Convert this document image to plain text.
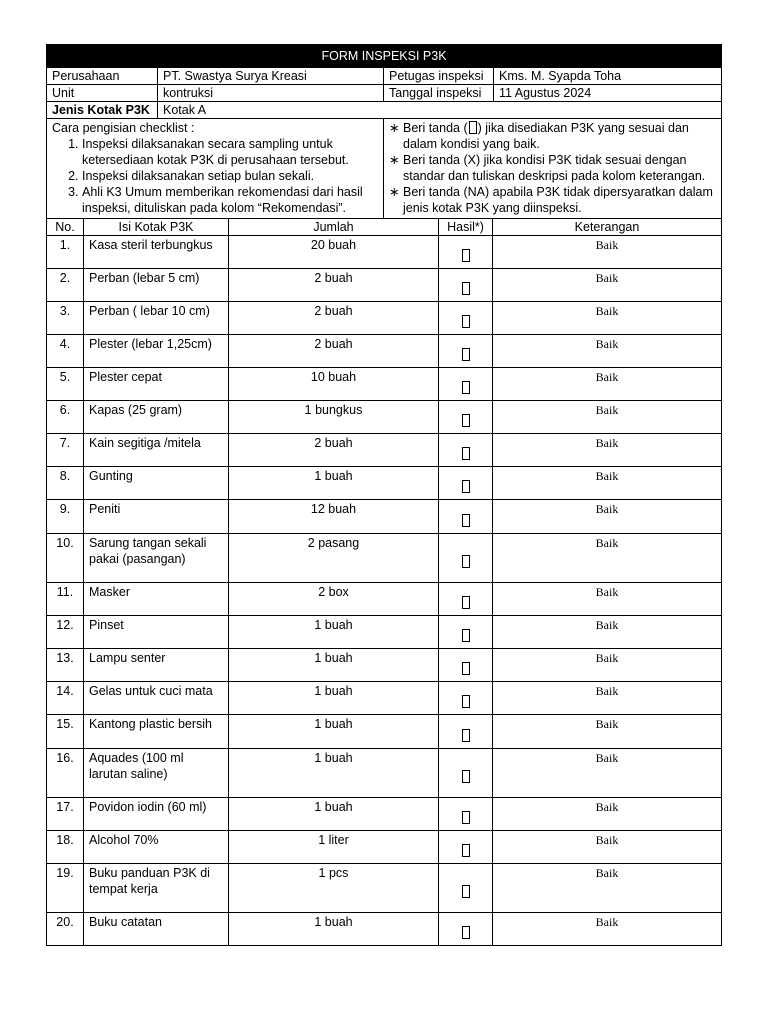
FORM INSPEKSI P3K			
Perusahaan	PT. Swastya Surya Kreasi	Petugas inspeksi	Kms. M. Syapda Toha
Unit	kontruksi	Tanggal inspeksi	11 Agustus 2024
Jenis Kotak P3K	Kotak A		
Cara pengisian checklist :
1. Inspeksi dilaksanakan secara sampling untuk ketersediaan kotak P3K di perusahaan tersebut.
2. Inspeksi dilaksanakan setiap bulan sekali.
3. Ahli K3 Umum memberikan rekomendasi dari hasil inspeksi, dituliskan pada kolom “Rekomendasi”.

∗ Beri tanda ( ) jika disediakan P3K yang sesuai dan dalam kondisi yang baik.
∗ Beri tanda (X) jika kondisi P3K tidak sesuai dengan standar dan tuliskan deskripsi pada kolom keterangan.
∗ Beri tanda (NA) apabila P3K tidak dipersyaratkan dalam jenis kotak P3K yang diinspeksi.
No.	Isi Kotak P3K	Jumlah	Hasil*)	Keterangan
1.	Kasa steril terbungkus	20 buah		Baik
2.	Perban (lebar 5 cm)	2 buah		Baik
3.	Perban ( lebar 10 cm)	2 buah		Baik
4.	Plester (lebar 1,25cm)	2 buah		Baik
5.	Plester cepat	10 buah		Baik
6.	Kapas (25 gram)	1 bungkus		Baik
7.	Kain segitiga /mitela	2 buah		Baik
8.	Gunting	1 buah		Baik
9.	Peniti	12 buah		Baik
10.	Sarung tangan sekali pakai (pasangan)	2 pasang		Baik
11.	Masker	2 box		Baik
12.	Pinset	1 buah		Baik
13.	Lampu senter	1 buah		Baik
14.	Gelas untuk cuci mata	1 buah		Baik
15.	Kantong plastic bersih	1 buah		Baik
16.	Aquades (100 ml larutan saline)	1 buah		Baik
17.	Povidon iodin (60 ml)	1 buah		Baik
18.	Alcohol 70%	1 liter		Baik
19.	Buku panduan P3K di tempat kerja	1 pcs		Baik
20.	Buku catatan	1 buah		Baik
